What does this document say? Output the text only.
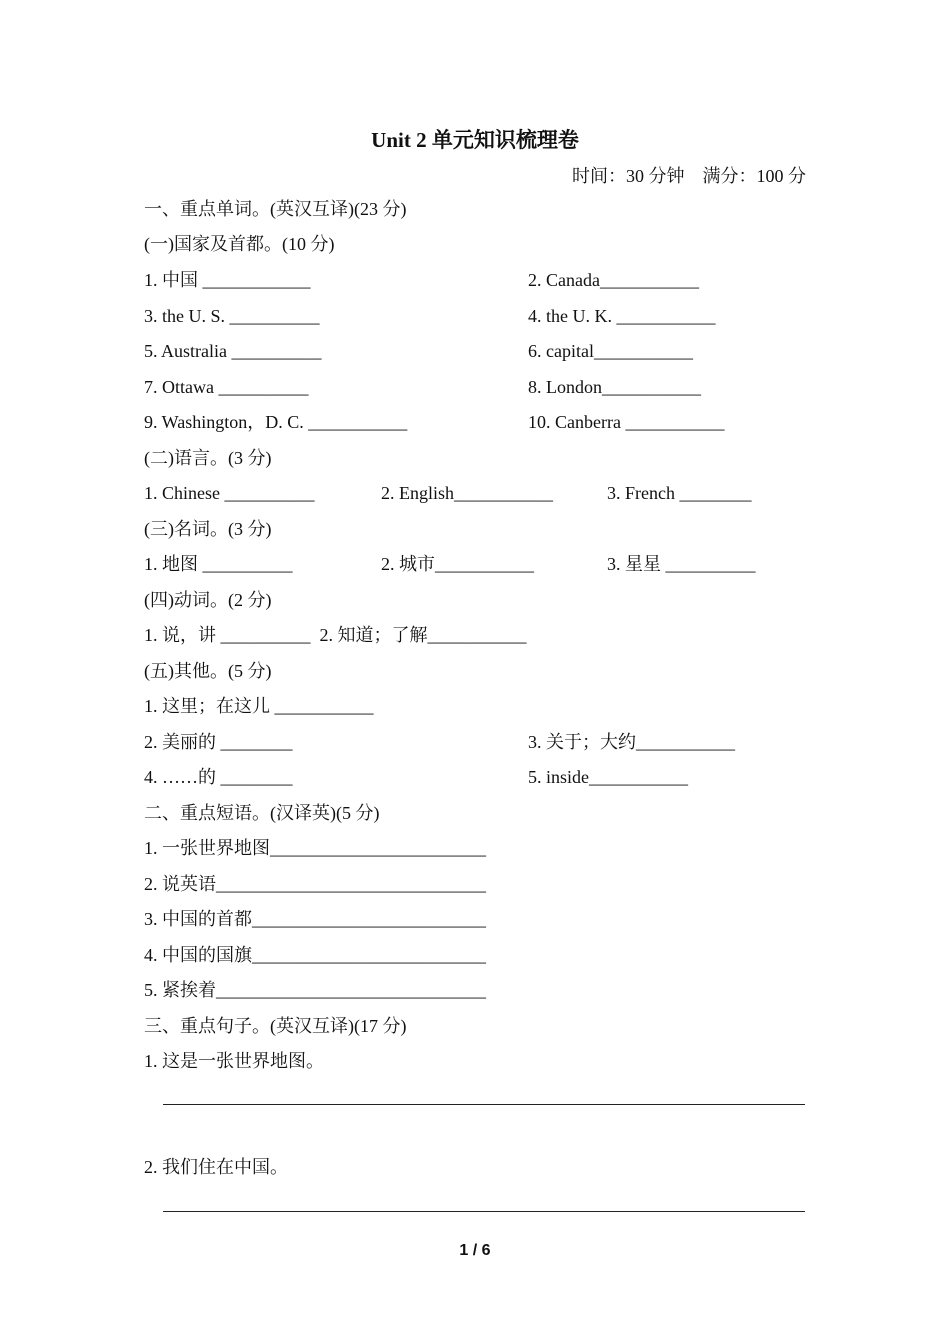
Unit 2 单元知识梳理卷
时间：30 分钟 满分：100 分
一、重点单词。(英汉互译)(23 分)
(一)国家及首都。(10 分)
1. 中国 ____________	2. Canada___________
3. the U. S. __________	4. the U. K. ___________
5. Australia __________	6. capital___________
7. Ottawa __________	8. London___________
9. Washington，D. C. ___________	10. Canberra ___________
(二)语言。(3 分)
1. Chinese __________	2. English___________	3. French ________
(三)名词。(3 分)
1. 地图 __________	2. 城市___________	3. 星星 __________
(四)动词。(2 分)
1. 说，讲 __________  2. 知道；了解___________
(五)其他。(5 分)
1. 这里；在这儿 ___________
2. 美丽的 ________	3. 关于；大约___________
4. ……的 ________	5. inside___________
二、重点短语。(汉译英)(5 分)
1. 一张世界地图________________________
2. 说英语______________________________
3. 中国的首都__________________________
4. 中国的国旗__________________________
5. 紧挨着______________________________
三、重点句子。(英汉互译)(17 分)
1. 这是一张世界地图。
2. 我们住在中国。
1 / 6
